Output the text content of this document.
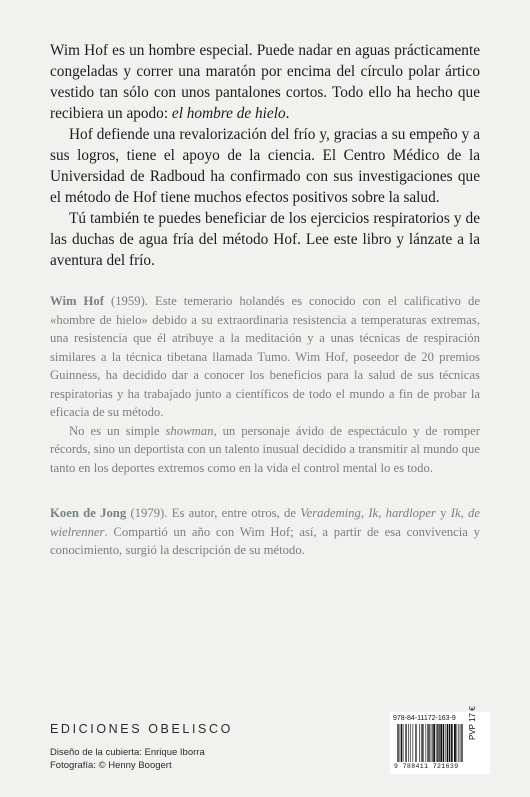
Wim Hof es un hombre especial. Puede nadar en aguas prácticamente congeladas y correr una maratón por encima del círculo polar ártico vestido tan sólo con unos pantalones cortos. Todo ello ha hecho que recibiera un apodo: el hombre de hielo.

Hof defiende una revalorización del frío y, gracias a su empeño y a sus logros, tiene el apoyo de la ciencia. El Centro Médico de la Universidad de Radboud ha confirmado con sus investigaciones que el método de Hof tiene muchos efectos positivos sobre la salud.

Tú también te puedes beneficiar de los ejercicios respiratorios y de las duchas de agua fría del método Hof. Lee este libro y lánzate a la aventura del frío.

Wim Hof (1959). Este temerario holandés es conocido con el calificativo de «hombre de hielo» debido a su extraordinaria resistencia a temperaturas extremas, una resistencia que él atribuye a la meditación y a unas técnicas de respiración similares a la técnica tibetana llamada Tumo. Wim Hof, poseedor de 20 premios Guinness, ha decidido dar a conocer los beneficios para la salud de sus técnicas respiratorias y ha trabajado junto a científicos de todo el mundo a fin de probar la eficacia de su método.

No es un simple showman, un personaje ávido de espectáculo y de romper récords, sino un deportista con un talento inusual decidido a transmitir al mundo que tanto en los deportes extremos como en la vida el control mental lo es todo.

Koen de Jong (1979). Es autor, entre otros, de Verademing, Ik, hardloper y Ik, de wielrenner. Compartió un año con Wim Hof; así, a partir de esa convivencia y conocimiento, surgió la descripción de su método.

EDICIONES OBELISCO
Diseño de la cubierta: Enrique Iborra
Fotografía: © Henny Boogert
978-84-11172-163-9
9 788411 721639
PVP 17 €
